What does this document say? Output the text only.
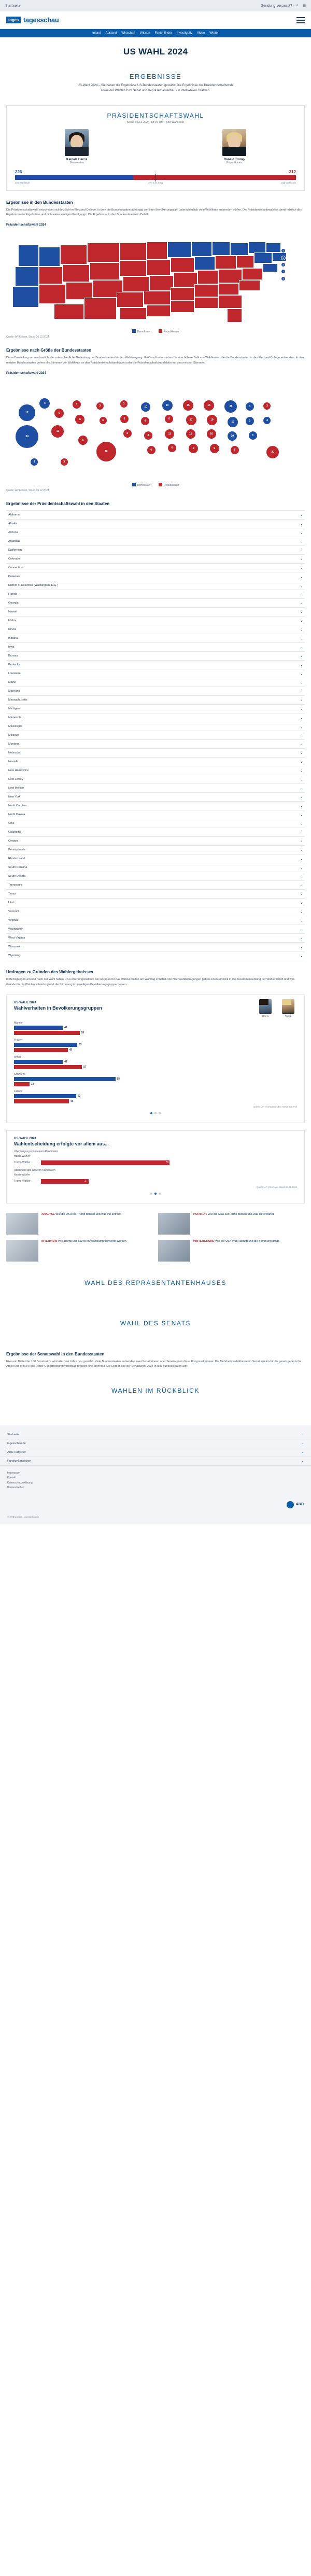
Startseite	Sendung verpasst? ⌕ ☰
tages tagesschau
Inland Ausland Wirtschaft Wissen Faktenfinder Investigativ Video Wetter
US WAHL 2024
ERGEBNISSE

US-Wahl 2024 – Sie haben die Ergebnisse US-Bundesstaaten gewählt: Die Ergebnisse der Präsidentschaftswahl sowie der Wahlen zum Senat und Repräsentantenhaus in interaktiven Grafiken.

PRÄSIDENTSCHAFTSWAHL
Stand 06.12.2024, 18:07 Uhr · 538 Wahlleute
Kamala Harris
Demokraten
Donald Trump
Republikaner
226	312
226 Wahlleute	270 zum Sieg	312 Wahlleute
Ergebnisse in den Bundesstaaten

Die Präsidentschaftswahl entscheidet sich letztlich im Electoral College, in dem die Bundesstaaten abhängig von ihrer Bevölkerungszahl unterschiedlich viele Wahlleute entsenden dürfen. Die Präsidentschaftswahl ist damit letztlich das Ergebnis vieler Ergebnisse und nicht eines einzigen Wahlgangs. Die Ergebnisse in den Bundesstaaten im Detail:

Präsidentschaftswahl 2024
4
3
3
7
3
Demokraten	Republikaner
Quelle: AP/Edison, Stand 06.12.2024
Ergebnisse nach Größe der Bundesstaaten

Diese Darstellung veranschaulicht die unterschiedliche Bedeutung der Bundesstaaten für den Wahlausgang. Größere Kreise stehen für eine höhere Zahl von Wahlleuten, die die Bundesstaaten in das Electoral College entsenden. In den meisten Bundesstaaten gehen alle Stimmen der Wahlleute an den Präsidentschaftskandidaten oder die Präsidentschaftskandidatin mit den meisten Stimmen.

Präsidentschaftswahl 2024
12
54
4
6
11
4
6
5
3
3
40
3
5
6
10
4
8
6
10
6
11
6
15
17
11
9
16
19
16
9
28
13
10
5
4
7
3
3
4
30
4	3
Demokraten	Republikaner
Quelle: AP/Edison, Stand 06.12.2024
Ergebnisse der Präsidentschaftswahl in den Staaten
Alabama	⌄
Alaska	⌄
Arizona	⌄
Arkansas	⌄
Kalifornien	⌄
Colorado	⌄
Connecticut	⌄
Delaware	⌄
District of Columbia (Washington, D.C.)	⌄
Florida	⌄
Georgia	⌄
Hawaii	⌄
Idaho	⌄
Illinois	⌄
Indiana	⌄
Iowa	⌄
Kansas	⌄
Kentucky	⌄
Louisiana	⌄
Maine	⌄
Maryland	⌄
Massachusetts	⌄
Michigan	⌄
Minnesota	⌄
Mississippi	⌄
Missouri	⌄
Montana	⌄
Nebraska	⌄
Nevada	⌄
New Hampshire	⌄
New Jersey	⌄
New Mexico	⌄
New York	⌄
North Carolina	⌄
North Dakota	⌄
Ohio	⌄
Oklahoma	⌄
Oregon	⌄
Pennsylvania	⌄
Rhode Island	⌄
South Carolina	⌄
South Dakota	⌄
Tennessee	⌄
Texas	⌄
Utah	⌄
Vermont	⌄
Virginia	⌄
Washington	⌄
West Virginia	⌄
Wisconsin	⌄
Wyoming	⌄
Umfragen zu Gründen des Wahlergebnisses

In Befragungen am und nach der Wahl haben US-Forschungsinstitute bei Gruppen für das Wahlverhalten am Wahltag ermittelt. Die Nachwahlbefragungen geben einen Einblick in die Zusammensetzung der Wählerschaft und was Gründe für die Wahlentscheidung und die Stimmung im jeweiligen Bevölkerungsgruppen waren.

US-WAHL 2024
Wahlverhalten in Bevölkerungsgruppen
Harris	Trump
Männer
41
55
Frauen
53
45
Weiße
41
57
Schwarze
85
13
Latinos
52
46
Quelle: AP VoteCast / NBC News Exit Poll
US-WAHL 2024
Wahlentscheidung erfolgte vor allem aus...
Überzeugung von meinem Kandidaten
Harris-Wähler	67
Trump-Wähler	73
Ablehnung des anderen Kandidaten
Harris-Wähler	33
Trump-Wähler	27
Quelle: AP VoteCast, Stand 06.11.2024
ANALYSE Wie die USA auf Trump blicken und was ihn antreibt	PORTRÄT Wie die USA auf Harris blicken und was sie erwartet
INTERVIEW Wie Trump und Harris im Wahlkampf bewertet wurden	HINTERGRUND Wie die USA Wahl kämpft und die Stimmung prägt
WAHL DES REPRÄSENTANTENHAUSES
WAHL DES SENATS
Ergebnisse der Senatswahl in den Bundesstaaten

Etwa ein Drittel der 100 Senatssitze wird alle zwei Jahre neu gewählt. Viele Bundesstaaten entsenden zwei Senatorinnen oder Senatoren in diese Kongresskammer. Die Mehrheitsverhältnisse im Senat spielen für die gesetzgeberische Arbeit und große Rolle. Jeder Gesetzgebungsvorschlag braucht eine Mehrheit. Die Ergebnisse der Senatswahl 2024 in den Bundesstaaten auf:

WAHLEN IM RÜCKBLICK
Startseite	⌄
tagesschau.de	⌄
ARD-Ratgeber	⌄
Rundfunkanstalten	⌄
Impressum
Kontakt
Datenschutzerklärung
Barrierefreiheit
ARD
© ARD-aktuell / tagesschau.de
